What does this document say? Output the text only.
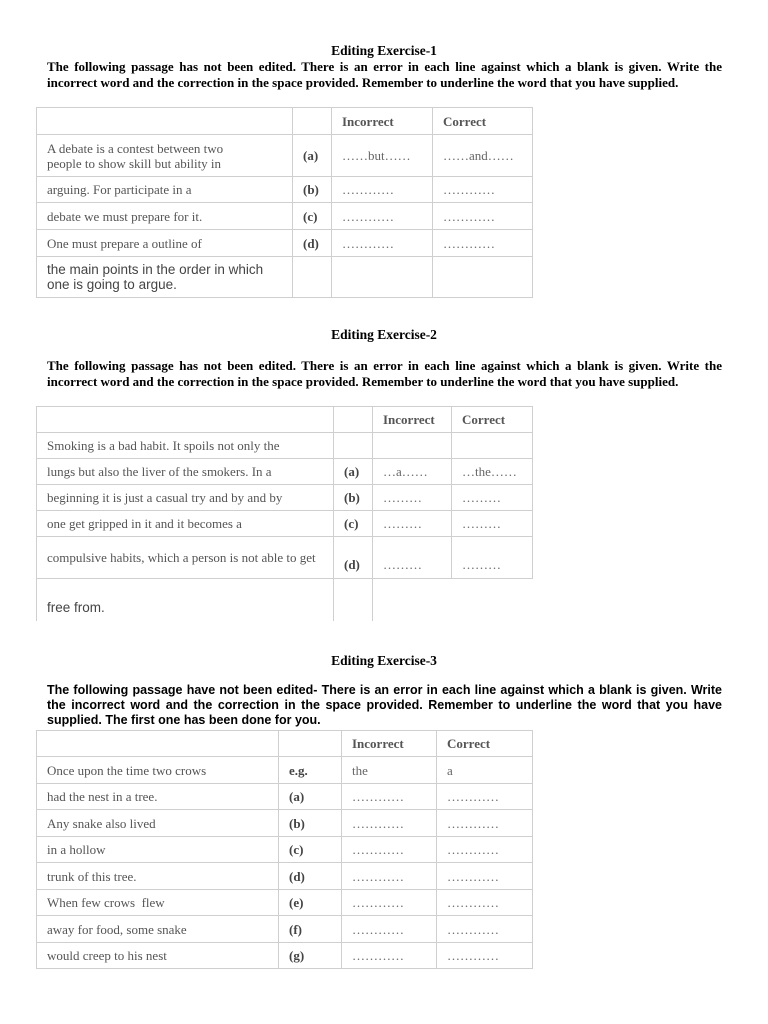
Editing Exercise-1
The following passage has not been edited. There is an error in each line against which a blank is given. Write the incorrect word and the correction in the space provided. Remember to underline the word that you have supplied.
		Incorrect	Correct
A debate is a contest between two
people to show skill but ability in	(a)	……but……	……and……
arguing. For participate in a	(b)	…………	…………
debate we must prepare for it.	(c)	…………	…………
One must prepare a outline of	(d)	…………	…………
the main points in the order in which
one is going to argue.			
Editing Exercise-2
The following passage has not been edited. There is an error in each line against which a blank is given. Write the incorrect word and the correction in the space provided. Remember to underline the word that you have supplied.
		Incorrect	Correct
Smoking is a bad habit. It spoils not only the			
lungs but also the liver of the smokers. In a	(a)	…a……	…the……
beginning it is just a casual try and by and by	(b)	………	………
one get gripped in it and it becomes a	(c)	………	………
compulsive habits, which a person is not able to get	(d)	………	………
free from.			
Editing Exercise-3
The following passage have not been edited- There is an error in each line against which a blank is given. Write the incorrect word and the correction in the space provided. Remember to underline the word that you have supplied. The first one has been done for you.
		Incorrect	Correct
Once upon the time two crows	e.g.	the	a
had the nest in a tree.	(a)	…………	…………
Any snake also lived	(b)	…………	…………
in a hollow	(c)	…………	…………
trunk of this tree.	(d)	…………	…………
When few crows  flew	(e)	…………	…………
away for food, some snake	(f)	…………	…………
would creep to his nest	(g)	…………	…………
